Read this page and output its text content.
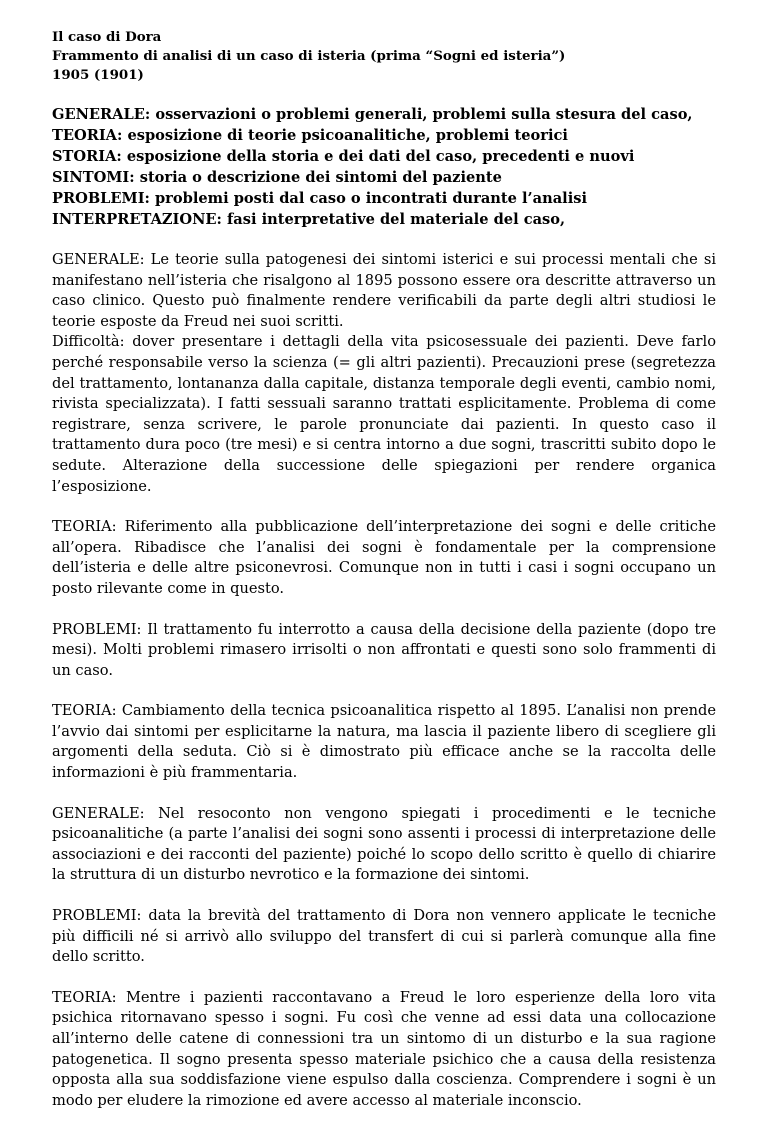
Il caso di Dora
Frammento di analisi di un caso di isteria (prima “Sogni ed isteria”)
1905 (1901)
GENERALE: osservazioni o problemi generali, problemi sulla stesura del caso,
TEORIA: esposizione di teorie psicoanalitiche, problemi teorici
STORIA: esposizione della storia e dei dati del caso, precedenti e nuovi
SINTOMI: storia o descrizione dei sintomi del paziente
PROBLEMI: problemi posti dal caso o incontrati durante l’analisi
INTERPRETAZIONE: fasi interpretative del materiale del caso,

GENERALE: Le teorie sulla patogenesi dei sintomi isterici e sui processi mentali che si manifestano nell’isteria che risalgono al 1895 possono essere ora descritte attraverso un caso clinico. Questo può finalmente rendere verificabili da parte degli altri studiosi le teorie esposte da Freud nei suoi scritti.

Difficoltà: dover presentare i dettagli della vita psicosessuale dei pazienti. Deve farlo perché responsabile verso la scienza (= gli altri pazienti). Precauzioni prese (segretezza del trattamento, lontananza dalla capitale, distanza temporale degli eventi, cambio nomi, rivista specializzata). I fatti sessuali saranno trattati esplicitamente. Problema di come registrare, senza scrivere, le parole pronunciate dai pazienti. In questo caso il trattamento dura poco (tre mesi) e si centra intorno a due sogni, trascritti subito dopo le sedute. Alterazione della successione delle spiegazioni per rendere organica l’esposizione.

TEORIA: Riferimento alla pubblicazione dell’interpretazione dei sogni e delle critiche all’opera. Ribadisce che l’analisi dei sogni è fondamentale per la comprensione dell’isteria e delle altre psiconevrosi. Comunque non in tutti i casi i sogni occupano un posto rilevante come in questo.

PROBLEMI: Il trattamento fu interrotto a causa della decisione della paziente (dopo tre mesi). Molti problemi rimasero irrisolti o non affrontati e questi sono solo frammenti di un caso.

TEORIA: Cambiamento della tecnica psicoanalitica rispetto al 1895. L’analisi non prende l’avvio dai sintomi per esplicitarne la natura, ma lascia il paziente libero di scegliere gli argomenti della seduta. Ciò si è dimostrato più efficace anche se la raccolta delle informazioni è più frammentaria.

GENERALE: Nel resoconto non vengono spiegati i procedimenti e le tecniche psicoanalitiche (a parte l’analisi dei sogni sono assenti i processi di interpretazione delle associazioni e dei racconti del paziente) poiché lo scopo dello scritto è quello di chiarire la struttura di un disturbo nevrotico e la formazione dei sintomi.

PROBLEMI: data la brevità del trattamento di Dora non vennero applicate le tecniche più difficili né si arrivò allo sviluppo del transfert di cui si parlerà comunque alla fine dello scritto.

TEORIA: Mentre i pazienti raccontavano a Freud le loro esperienze della loro vita psichica ritornavano spesso i sogni. Fu così che venne ad essi data una collocazione all’interno delle catene di connessioni tra un sintomo di un disturbo e la sua ragione patogenetica. Il sogno presenta spesso materiale psichico che a causa della resistenza opposta alla sua soddisfazione viene espulso dalla coscienza. Comprendere i sogni è un modo per eludere la rimozione ed avere accesso al materiale inconscio.
